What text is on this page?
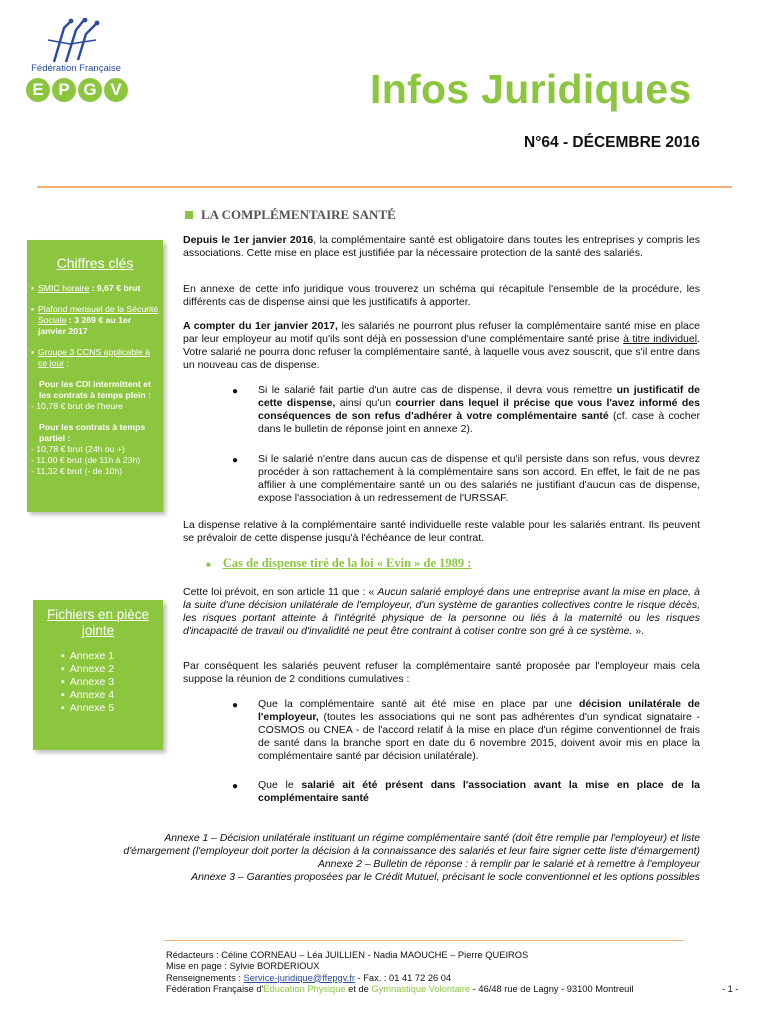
Fédération Française
E P G V	Infos Juridiques
N°64 - DÉCEMBRE 2016
Chiffres clés
▪ SMIC horaire : 9,67 € brut
▪ Plafond mensuel de la Sécurité Sociale : 3 269 € au 1er janvier 2017
▪ Groupe 3 CCNS applicable à ce jour :
Pour les CDI intermittent et les contrats à temps plein :
- 10,78 € brut de l'heure
Pour les contrats à temps partiel :
- 10,78 € brut (24h ou +)
- 11.00 € brut (de 11h à 23h)
- 11,32 € brut (- de 10h)
Fichiers en pièce jointe
▪ Annexe 1
▪ Annexe 2
▪ Annexe 3
▪ Annexe 4
▪ Annexe 5
LA COMPLÉMENTAIRE SANTÉ
Depuis le 1er janvier 2016, la complémentaire santé est obligatoire dans toutes les entreprises y compris les associations. Cette mise en place est justifiée par la nécessaire protection de la santé des salariés.
En annexe de cette info juridique vous trouverez un schéma qui récapitule l'ensemble de la procédure, les différents cas de dispense ainsi que les justificatifs à apporter.
A compter du 1er janvier 2017, les salariés ne pourront plus refuser la complémentaire santé mise en place par leur employeur au motif qu'ils sont déjà en possession d'une complémentaire santé prise à titre individuel. Votre salarié ne pourra donc refuser la complémentaire santé, à laquelle vous avez souscrit, que s'il entre dans un nouveau cas de dispense.
● Si le salarié fait partie d'un autre cas de dispense, il devra vous remettre un justificatif de cette dispense, ainsi qu'un courrier dans lequel il précise que vous l'avez informé des conséquences de son refus d'adhérer à votre complémentaire santé (cf. case à cocher dans le bulletin de réponse joint en annexe 2).
● Si le salarié n'entre dans aucun cas de dispense et qu'il persiste dans son refus, vous devrez procéder à son rattachement à la complémentaire sans son accord. En effet, le fait de ne pas affilier à une complémentaire santé un ou des salariés ne justifiant d'aucun cas de dispense, expose l'association à un redressement de l'URSSAF.
La dispense relative à la complémentaire santé individuelle reste valable pour les salariés entrant. Ils peuvent se prévaloir de cette dispense jusqu'à l'échéance de leur contrat.
■ Cas de dispense tiré de la loi « Evin » de 1989 :
Cette loi prévoit, en son article 11 que : « Aucun salarié employé dans une entreprise avant la mise en place, à la suite d'une décision unilatérale de l'employeur, d'un système de garanties collectives contre le risque décès, les risques portant atteinte à l'intégrité physique de la personne ou liés à la maternité ou les risques d'incapacité de travail ou d'invalidité ne peut être contraint à cotiser contre son gré à ce système. ».
Par conséquent les salariés peuvent refuser la complémentaire santé proposée par l'employeur mais cela suppose la réunion de 2 conditions cumulatives :
● Que la complémentaire santé ait été mise en place par une décision unilatérale de l'employeur, (toutes les associations qui ne sont pas adhérentes d'un syndicat signataire - COSMOS ou CNEA - de l'accord relatif à la mise en place d'un régime conventionnel de frais de santé dans la branche sport en date du 6 novembre 2015, doivent avoir mis en place la complémentaire santé par décision unilatérale).
● Que le salarié ait été présent dans l'association avant la mise en place de la complémentaire santé
Annexe 1 – Décision unilatérale instituant un régime complémentaire santé (doit être remplie par l'employeur) et liste d'émargement (l'employeur doit porter la décision à la connaissance des salariés et leur faire signer cette liste d'émargement)
Annexe 2 – Bulletin de réponse : à remplir par le salarié et à remettre à l'employeur
Annexe 3 – Garanties proposées par le Crédit Mutuel, précisant le socle conventionnel et les options possibles
Rédacteurs : Céline CORNEAU – Léa JUILLIEN - Nadia MAOUCHE – Pierre QUEIROS
Mise en page : Sylvie BORDERIOUX
Renseignements : Service-juridique@ffepgv.fr - Fax. : 01 41 72 26 04
Fédération Française d'Education Physique et de Gymnastique Volontaire - 46/48 rue de Lagny - 93100 Montreuil	- 1 -
